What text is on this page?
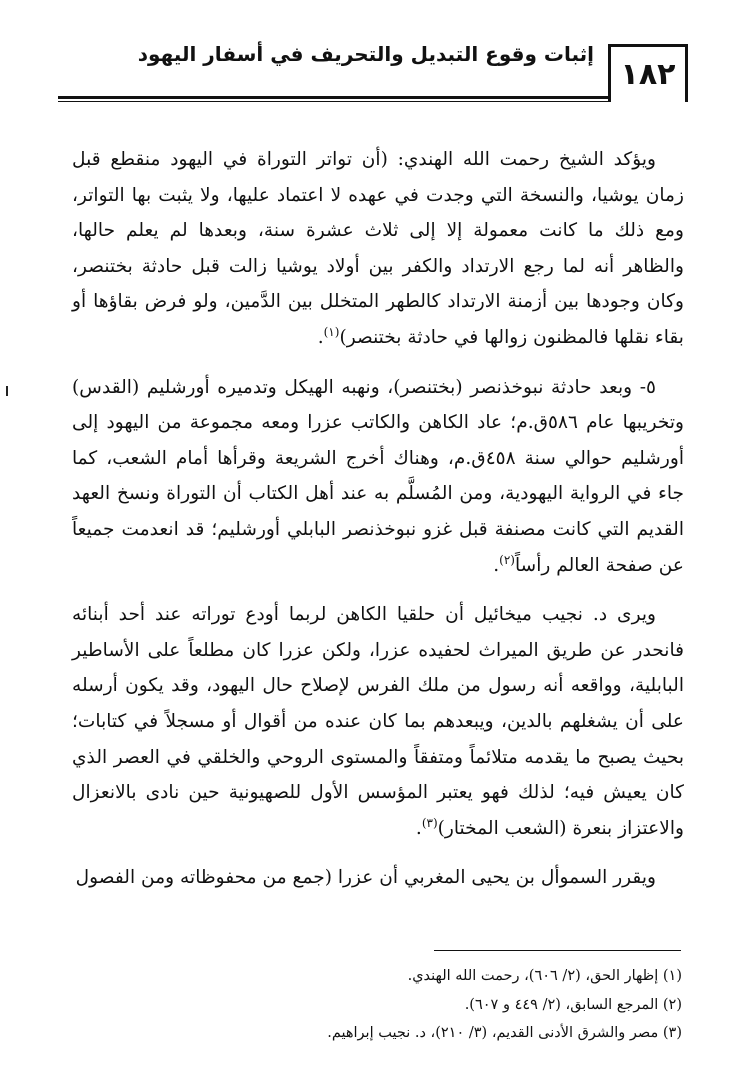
١٨٢
إثبات وقوع التبديل والتحريف في أسفار اليهود

ويؤكد الشيخ رحمت الله الهندي: (أن تواتر التوراة في اليهود منقطع قبل زمان يوشيا، والنسخة التي وجدت في عهده لا اعتماد عليها، ولا يثبت بها التواتر، ومع ذلك ما كانت معمولة إلا إلى ثلاث عشرة سنة، وبعدها لم يعلم حالها، والظاهر أنه لما رجع الارتداد والكفر بين أولاد يوشيا زالت قبل حادثة بختنصر، وكان وجودها بين أزمنة الارتداد كالطهر المتخلل بين الدَّمين، ولو فرض بقاؤها أو بقاء نقلها فالمظنون زوالها في حادثة بختنصر)$^{(١)}$.

٥- وبعد حادثة نبوخذنصر (بختنصر)، ونهبه الهيكل وتدميره أورشليم (القدس) وتخريبها عام ٥٨٦ق.م؛ عاد الكاهن والكاتب عزرا ومعه مجموعة من اليهود إلى أورشليم حوالي سنة ٤٥٨ق.م، وهناك أخرج الشريعة وقرأها أمام الشعب، كما جاء في الرواية اليهودية، ومن المُسلَّم به عند أهل الكتاب أن التوراة ونسخ العهد القديم التي كانت مصنفة قبل غزو نبوخذنصر البابلي أورشليم؛ قد انعدمت جميعاً عن صفحة العالم رأساً$^{(٢)}$.

ويرى د. نجيب ميخائيل أن حلقيا الكاهن لربما أودع توراته عند أحد أبنائه فانحدر عن طريق الميراث لحفيده عزرا، ولكن عزرا كان مطلعاً على الأساطير البابلية، وواقعه أنه رسول من ملك الفرس لإصلاح حال اليهود، وقد يكون أرسله على أن يشغلهم بالدين، ويبعدهم بما كان عنده من أقوال أو مسجلاً في كتابات؛ بحيث يصبح ما يقدمه متلائماً ومتفقاً والمستوى الروحي والخلقي في العصر الذي كان يعيش فيه؛ لذلك فهو يعتبر المؤسس الأول للصهيونية حين نادى بالانعزال والاعتزاز بنعرة (الشعب المختار)$^{(٣)}$.

ويقرر السموأل بن يحيى المغربي أن عزرا (جمع من محفوظاته ومن الفصول

(١) إظهار الحق، (٢/ ٦٠٦)، رحمت الله الهندي.

(٢) المرجع السابق، (٢/ ٤٤٩ و ٦٠٧).

(٣) مصر والشرق الأدنى القديم، (٣/ ٢١٠)، د. نجيب إبراهيم.
